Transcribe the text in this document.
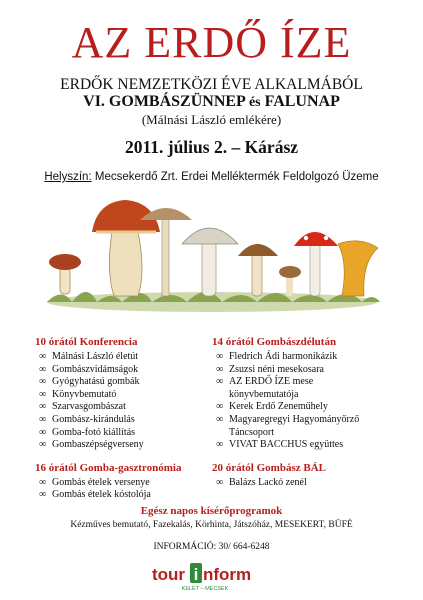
AZ ERDŐ ÍZE
ERDŐK NEMZETKÖZI ÉVE ALKALMÁBÓL
VI. GOMBÁSZÜNNEP és FALUNAP
(Málnási László emlékére)
2011. július 2. – Kárász
Helyszín: Mecsekerdő Zrt. Erdei Melléktermék Feldolgozó Üzeme
10 órától Konferencia
∞ Málnási László életút
∞ Gombászvidámságok
∞ Gyógyhatású gombák
∞ Könyvbemutató
∞ Szarvasgombászat
∞ Gombász-kirándulás
∞ Gomba-fotó kiállítás
∞ Gombaszépségverseny
16 órától Gomba-gasztronómia
∞ Gombás ételek versenye
∞ Gombás ételek kóstolója
14 órától Gombászdélután
∞ Fledrich Ádi harmonikázik
∞ Zsuzsi néni mesekosara
∞ AZ ERDŐ ÍZE mese
könyvbemutatója
∞ Kerek Erdő Zeneműhely
∞ Magyaregregyi Hagyományőrző
Táncsoport
∞ VIVAT BACCHUS együttes
20 órától Gombász BÁL
∞ Balázs Lackó zenél
Egész napos kísérőprogramok
Kézműves bemutató, Fazekalás, Körhinta, Játszóház, MESEKERT, BÜFÉ
INFORMÁCIÓ: 30/ 664-6248
tour i nform
KELET – MECSEK
